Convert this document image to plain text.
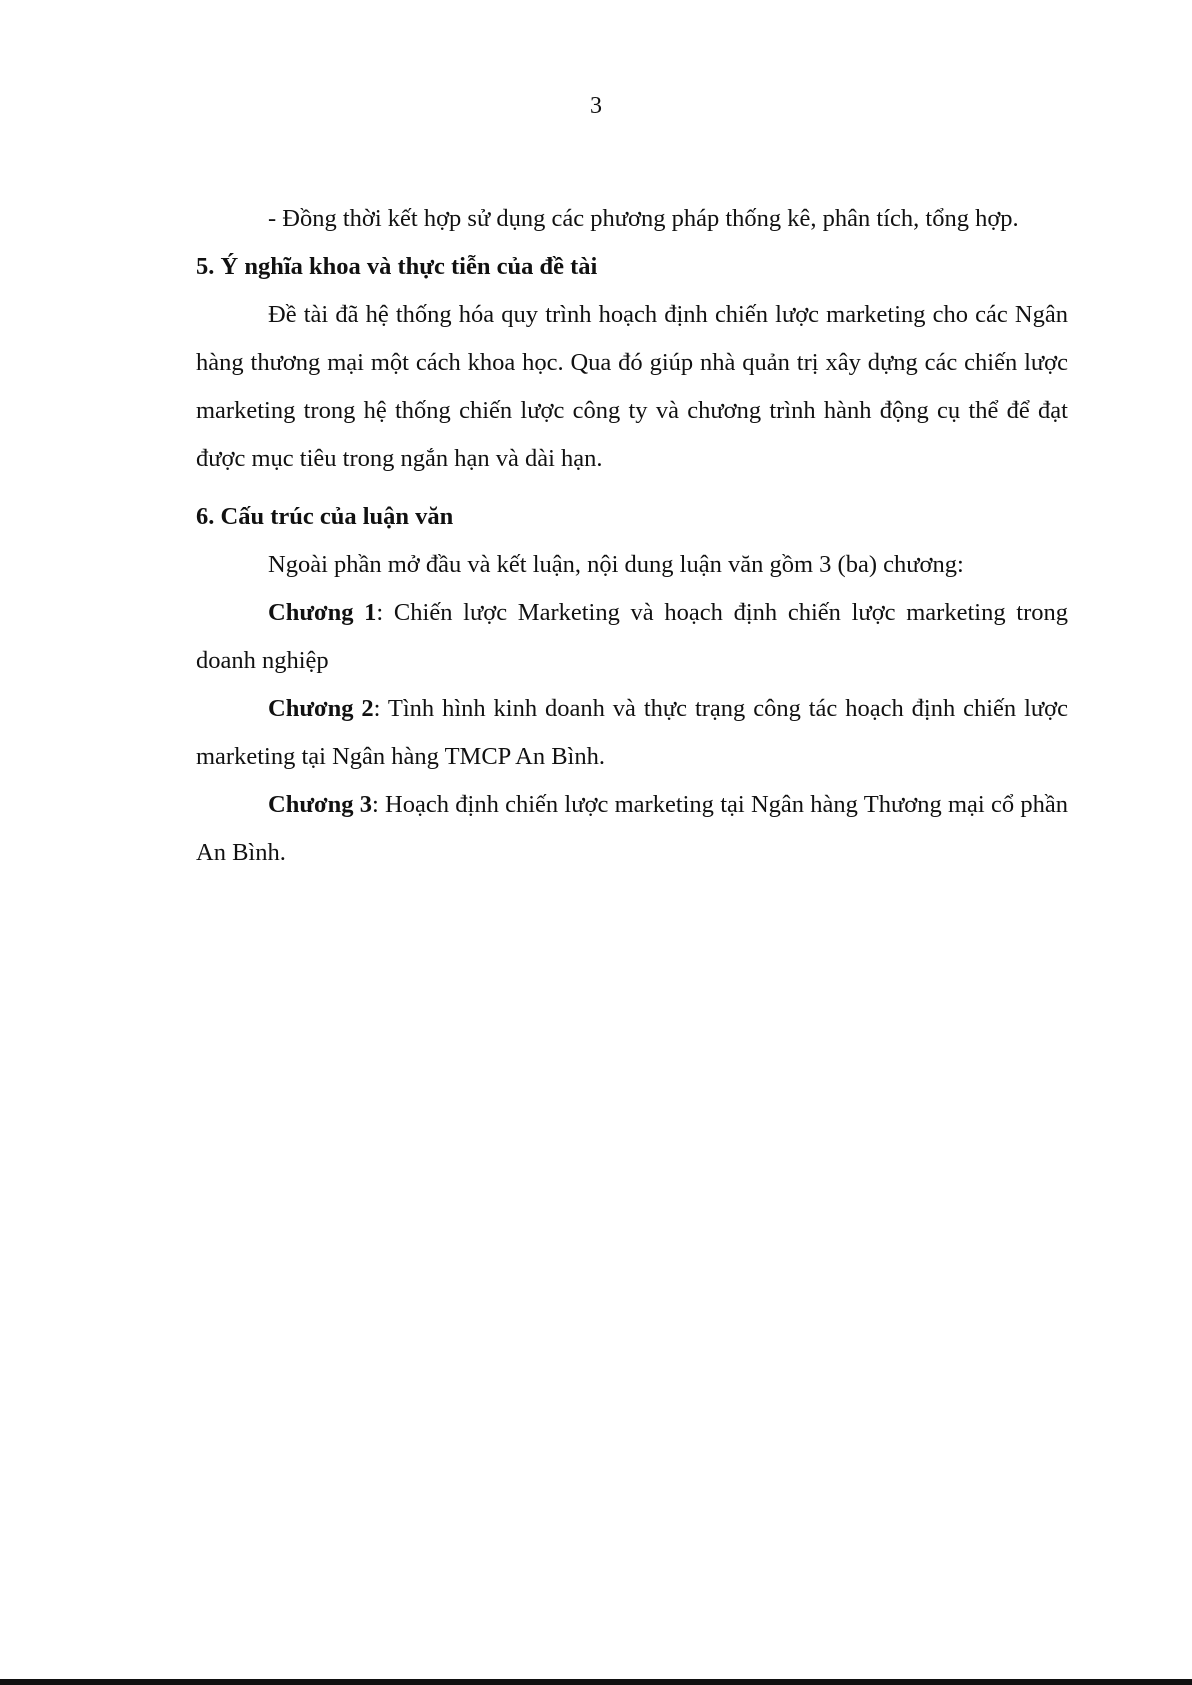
3

- Đồng thời kết hợp sử dụng các phương pháp thống kê, phân tích, tổng hợp.

5. Ý nghĩa khoa và thực tiễn của đề tài

Đề tài đã hệ thống hóa quy trình hoạch định chiến lược marketing cho các Ngân hàng thương mại một cách khoa học. Qua đó giúp nhà quản trị xây dựng các chiến lược marketing trong hệ thống chiến lược công ty và chương trình hành động cụ thể để đạt được mục tiêu trong ngắn hạn và dài hạn.

6. Cấu trúc của luận văn

Ngoài phần mở đầu và kết luận, nội dung luận văn gồm 3 (ba) chương:

Chương 1: Chiến lược Marketing và hoạch định chiến lược marketing trong doanh nghiệp

Chương 2: Tình hình kinh doanh và thực trạng công tác hoạch định chiến lược marketing tại Ngân hàng TMCP An Bình.

Chương 3: Hoạch định chiến lược marketing tại Ngân hàng Thương mại cổ phần An Bình.
